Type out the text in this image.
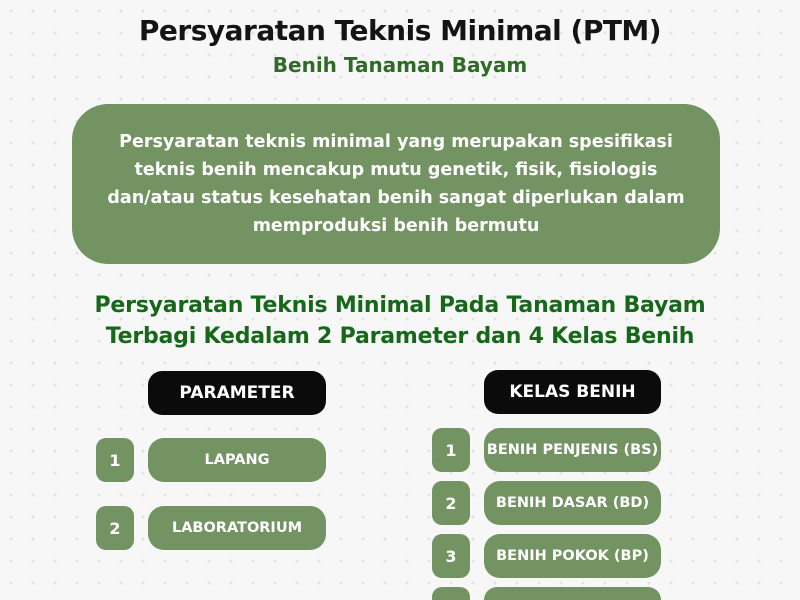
Persyaratan Teknis Minimal (PTM)
Benih Tanaman Bayam

Persyaratan teknis minimal yang merupakan spesifikasi teknis benih mencakup mutu genetik, fisik, fisiologis dan/atau status kesehatan benih sangat diperlukan dalam memproduksi benih bermutu

Persyaratan Teknis Minimal Pada Tanaman Bayam
Terbagi Kedalam 2 Parameter dan 4 Kelas Benih
PARAMETER
1	LAPANG
2	LABORATORIUM
KELAS BENIH
1	BENIH PENJENIS (BS)
2	BENIH DASAR (BD)
3	BENIH POKOK (BP)
